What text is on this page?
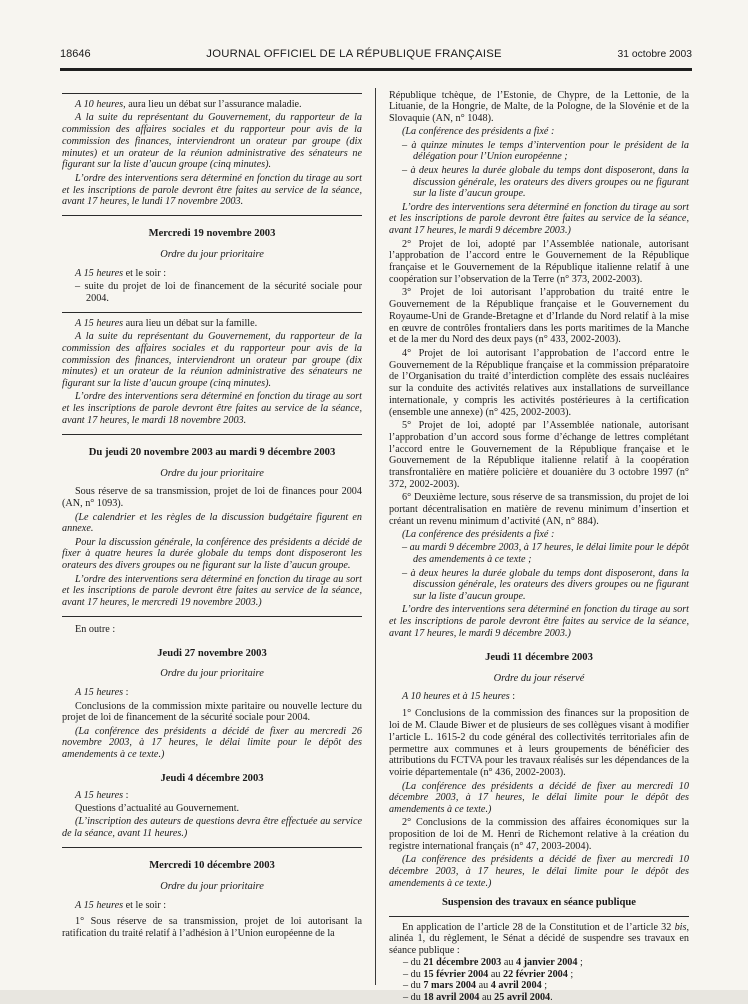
18646	JOURNAL OFFICIEL DE LA RÉPUBLIQUE FRANÇAISE	31 octobre 2003

A 10 heures, aura lieu un débat sur l’assurance maladie.

A la suite du représentant du Gouvernement, du rapporteur de la commission des affaires sociales et du rapporteur pour avis de la commission des finances, interviendront un orateur par groupe (dix minutes) et un orateur de la réunion administrative des sénateurs ne figurant sur la liste d’aucun groupe (cinq minutes).

L’ordre des interventions sera déterminé en fonction du tirage au sort et les inscriptions de parole devront être faites au service de la séance, avant 17 heures, le lundi 17 novembre 2003.

Mercredi 19 novembre 2003

Ordre du jour prioritaire

A 15 heures et le soir :

– suite du projet de loi de financement de la sécurité sociale pour 2004.

A 15 heures aura lieu un débat sur la famille.

A la suite du représentant du Gouvernement, du rapporteur de la commission des affaires sociales et du rapporteur pour avis de la commission des finances, interviendront un orateur par groupe (dix minutes) et un orateur de la réunion administrative des sénateurs ne figurant sur la liste d’aucun groupe (cinq minutes).

L’ordre des interventions sera déterminé en fonction du tirage au sort et les inscriptions de parole devront être faites au service de la séance, avant 17 heures, le mardi 18 novembre 2003.

Du jeudi 20 novembre 2003 au mardi 9 décembre 2003

Ordre du jour prioritaire

Sous réserve de sa transmission, projet de loi de finances pour 2004 (AN, n° 1093).

(Le calendrier et les règles de la discussion budgétaire figurent en annexe.

Pour la discussion générale, la conférence des présidents a décidé de fixer à quatre heures la durée globale du temps dont disposeront les orateurs des divers groupes ou ne figurant sur la liste d’aucun groupe.

L’ordre des interventions sera déterminé en fonction du tirage au sort et les inscriptions de parole devront être faites au service de la séance, avant 17 heures, le mercredi 19 novembre 2003.)

En outre :

Jeudi 27 novembre 2003

Ordre du jour prioritaire

A 15 heures :

Conclusions de la commission mixte paritaire ou nouvelle lecture du projet de loi de financement de la sécurité sociale pour 2004.

(La conférence des présidents a décidé de fixer au mercredi 26 novembre 2003, à 17 heures, le délai limite pour le dépôt des amendements à ce texte.)

Jeudi 4 décembre 2003

A 15 heures :

Questions d’actualité au Gouvernement.

(L’inscription des auteurs de questions devra être effectuée au service de la séance, avant 11 heures.)

Mercredi 10 décembre 2003

Ordre du jour prioritaire

A 15 heures et le soir :

1° Sous réserve de sa transmission, projet de loi autorisant la ratification du traité relatif à l’adhésion à l’Union européenne de la

République tchèque, de l’Estonie, de Chypre, de la Lettonie, de la Lituanie, de la Hongrie, de Malte, de la Pologne, de la Slovénie et de la Slovaquie (AN, n° 1048).

(La conférence des présidents a fixé :

– à quinze minutes le temps d’intervention pour le président de la délégation pour l’Union européenne ;

– à deux heures la durée globale du temps dont disposeront, dans la discussion générale, les orateurs des divers groupes ou ne figurant sur la liste d’aucun groupe.

L’ordre des interventions sera déterminé en fonction du tirage au sort et les inscriptions de parole devront être faites au service de la séance, avant 17 heures, le mardi 9 décembre 2003.)

2° Projet de loi, adopté par l’Assemblée nationale, autorisant l’approbation de l’accord entre le Gouvernement de la République française et le Gouvernement de la République italienne relatif à une coopération sur l’observation de la Terre (n° 373, 2002-2003).

3° Projet de loi autorisant l’approbation du traité entre le Gouvernement de la République française et le Gouvernement du Royaume-Uni de Grande-Bretagne et d’Irlande du Nord relatif à la mise en œuvre de contrôles frontaliers dans les ports maritimes de la Manche et de la mer du Nord des deux pays (n° 433, 2002-2003).

4° Projet de loi autorisant l’approbation de l’accord entre le Gouvernement de la République française et la commission préparatoire de l’Organisation du traité d’interdiction complète des essais nucléaires sur la conduite des activités relatives aux installations de surveillance internationale, y compris les activités postérieures à la certification (ensemble une annexe) (n° 425, 2002-2003).

5° Projet de loi, adopté par l’Assemblée nationale, autorisant l’approbation d’un accord sous forme d’échange de lettres complétant l’accord entre le Gouvernement de la République française et le Gouvernement de la République italienne relatif à la coopération transfrontalière en matière policière et douanière du 3 octobre 1997 (n° 372, 2002-2003).

6° Deuxième lecture, sous réserve de sa transmission, du projet de loi portant décentralisation en matière de revenu minimum d’insertion et créant un revenu minimum d’activité (AN, n° 884).

(La conférence des présidents a fixé :

– au mardi 9 décembre 2003, à 17 heures, le délai limite pour le dépôt des amendements à ce texte ;

– à deux heures la durée globale du temps dont disposeront, dans la discussion générale, les orateurs des divers groupes ou ne figurant sur la liste d’aucun groupe.

L’ordre des interventions sera déterminé en fonction du tirage au sort et les inscriptions de parole devront être faites au service de la séance, avant 17 heures, le mardi 9 décembre 2003.)

Jeudi 11 décembre 2003

Ordre du jour réservé

A 10 heures et à 15 heures :

1° Conclusions de la commission des finances sur la proposition de loi de M. Claude Biwer et de plusieurs de ses collègues visant à modifier l’article L. 1615-2 du code général des collectivités territoriales afin de permettre aux communes et à leurs groupements de bénéficier des attributions du FCTVA pour les travaux réalisés sur les dépendances de la voirie départementale (n° 436, 2002-2003).

(La conférence des présidents a décidé de fixer au mercredi 10 décembre 2003, à 17 heures, le délai limite pour le dépôt des amendements à ce texte.)

2° Conclusions de la commission des affaires économiques sur la proposition de loi de M. Henri de Richemont relative à la création du registre international français (n° 47, 2003-2004).

(La conférence des présidents a décidé de fixer au mercredi 10 décembre 2003, à 17 heures, le délai limite pour le dépôt des amendements à ce texte.)

Suspension des travaux en séance publique

En application de l’article 28 de la Constitution et de l’article 32 bis, alinéa 1, du règlement, le Sénat a décidé de suspendre ses travaux en séance publique :

– du 21 décembre 2003 au 4 janvier 2004 ;

– du 15 février 2004 au 22 février 2004 ;

– du 7 mars 2004 au 4 avril 2004 ;

– du 18 avril 2004 au 25 avril 2004.
